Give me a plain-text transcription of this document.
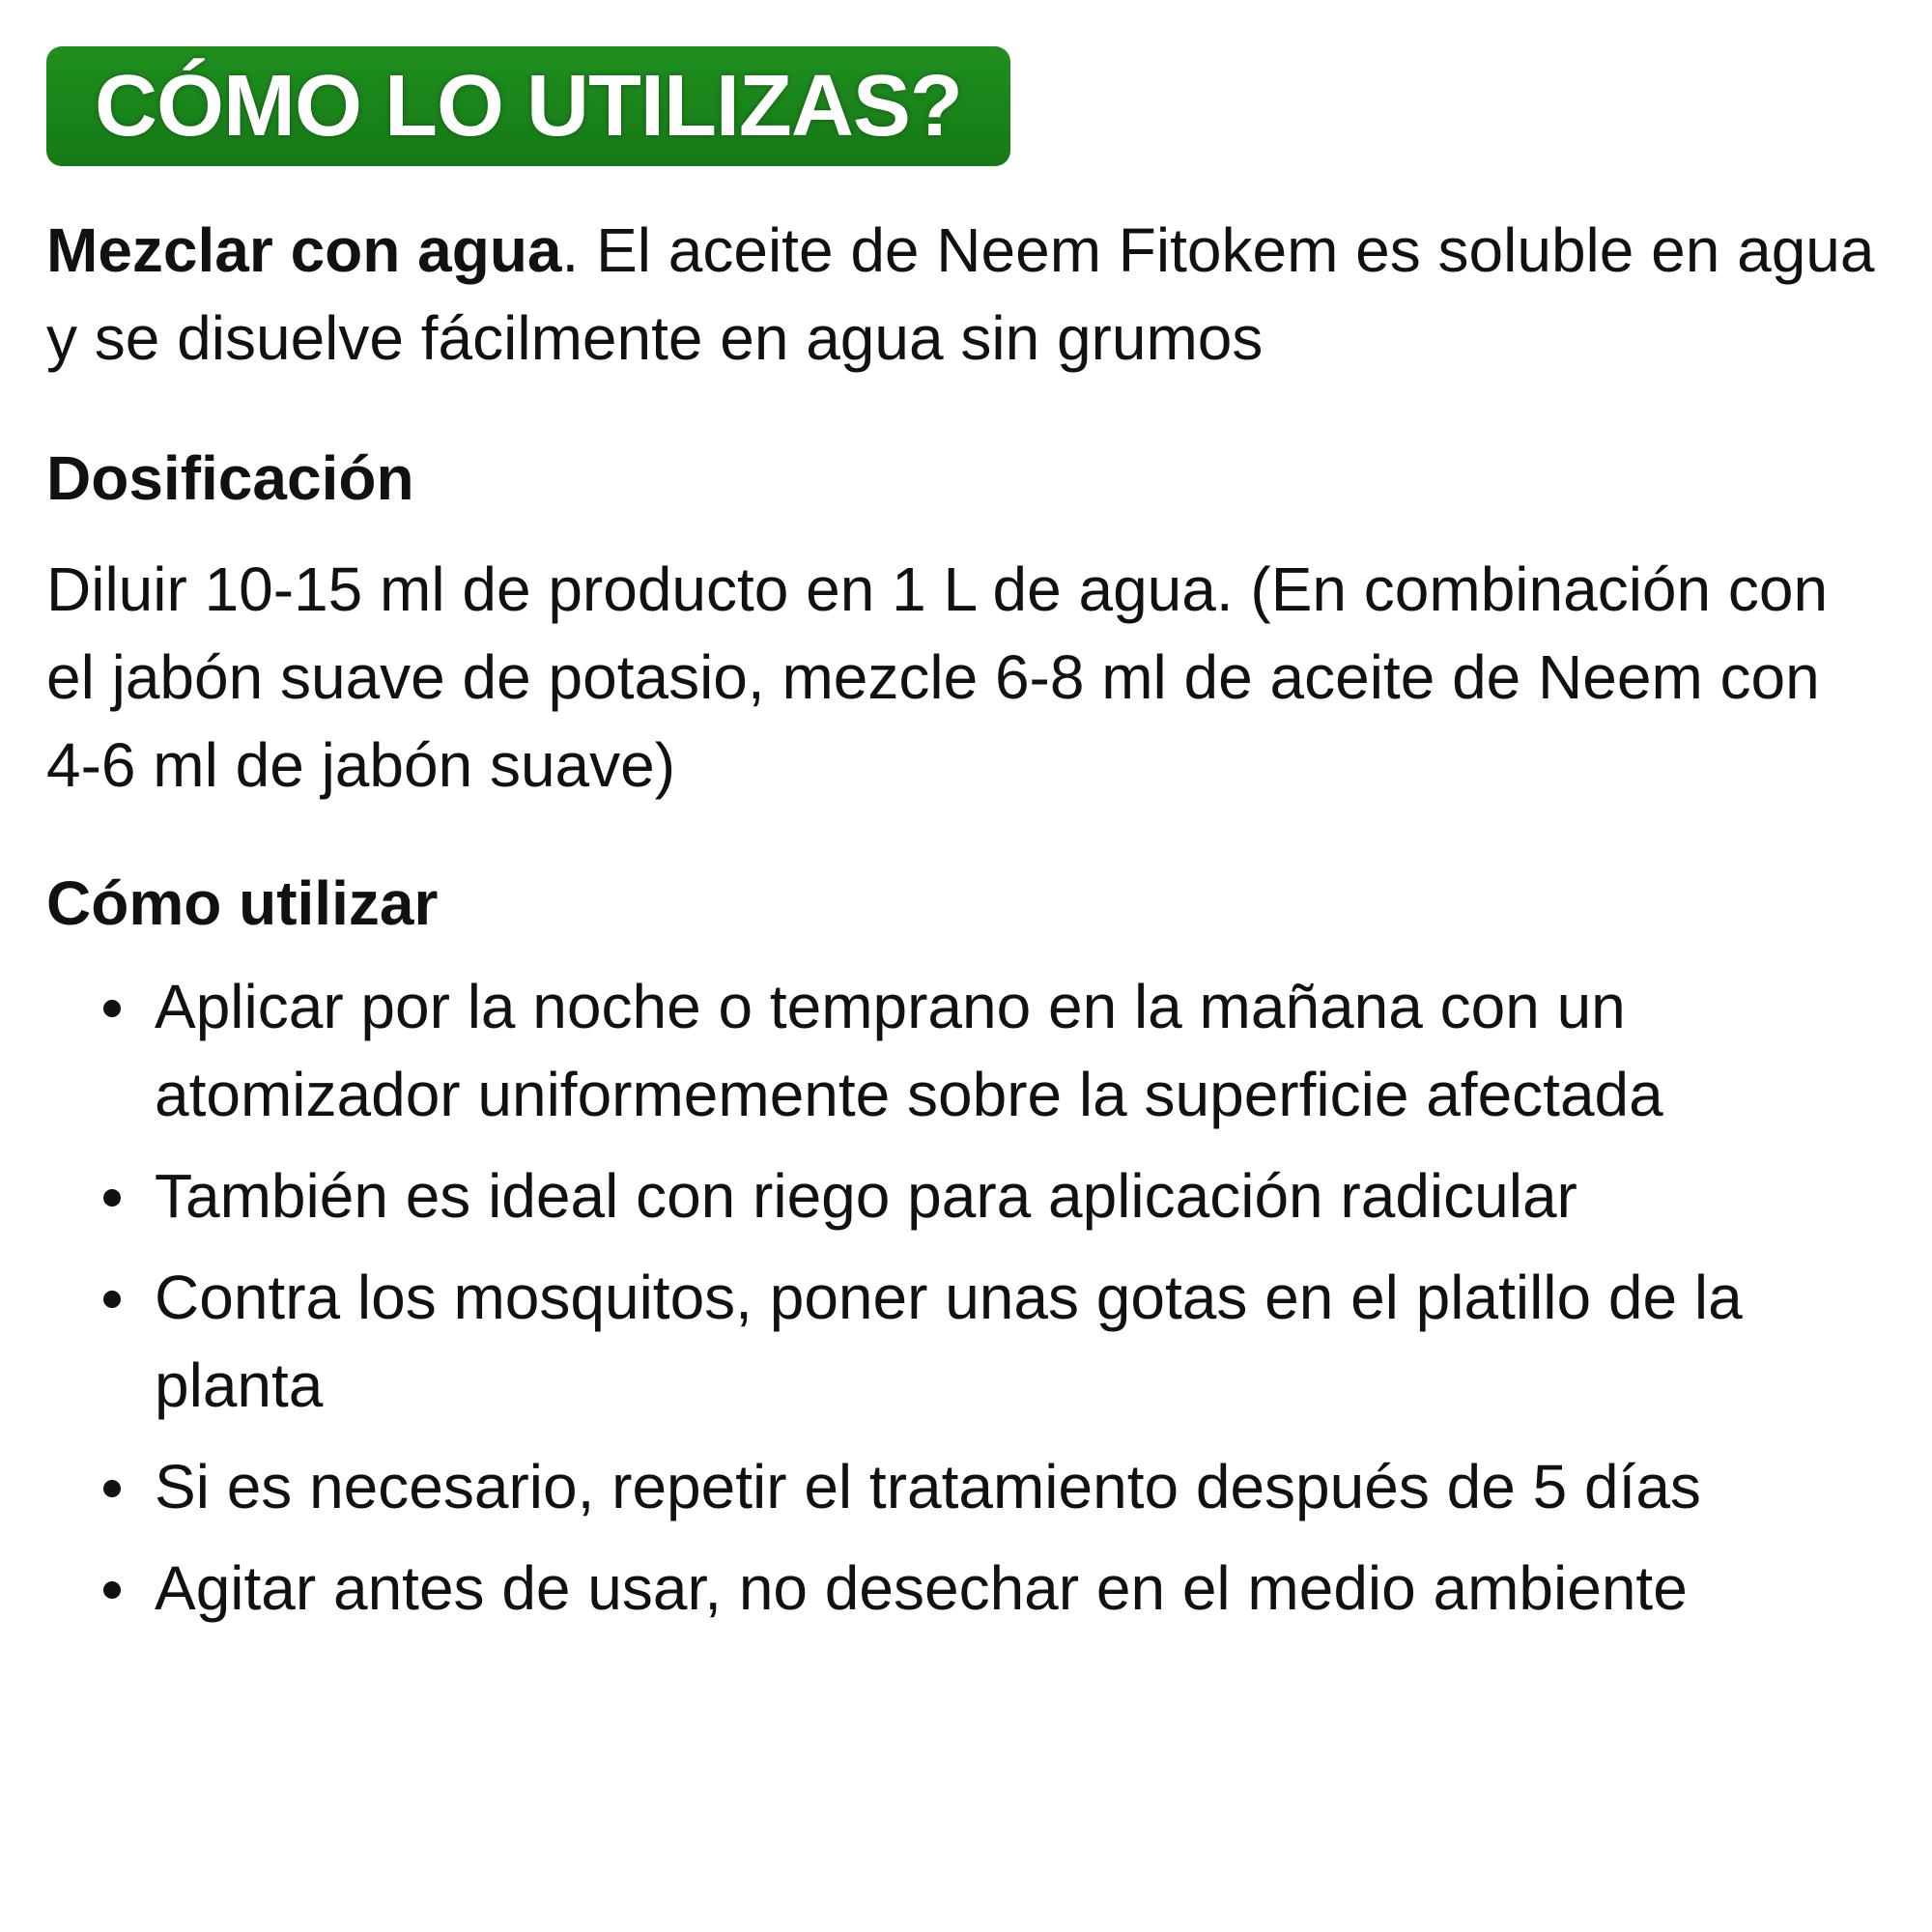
CÓMO LO UTILIZAS?

Mezclar con agua. El aceite de Neem Fitokem es soluble en agua y se disuelve fácilmente en agua sin grumos

Dosificación

Diluir 10-15 ml de producto en 1 L de agua. (En combinación con el jabón suave de potasio, mezcle 6-8 ml de aceite de Neem con 4-6 ml de jabón suave)

Cómo utilizar

Aplicar por la noche o temprano en la mañana con un atomizador uniformemente sobre la superficie afectada
También es ideal con riego para aplicación radicular
Contra los mosquitos, poner unas gotas en el platillo de la planta
Si es necesario, repetir el tratamiento después de 5 días
Agitar antes de usar, no desechar en el medio ambiente
